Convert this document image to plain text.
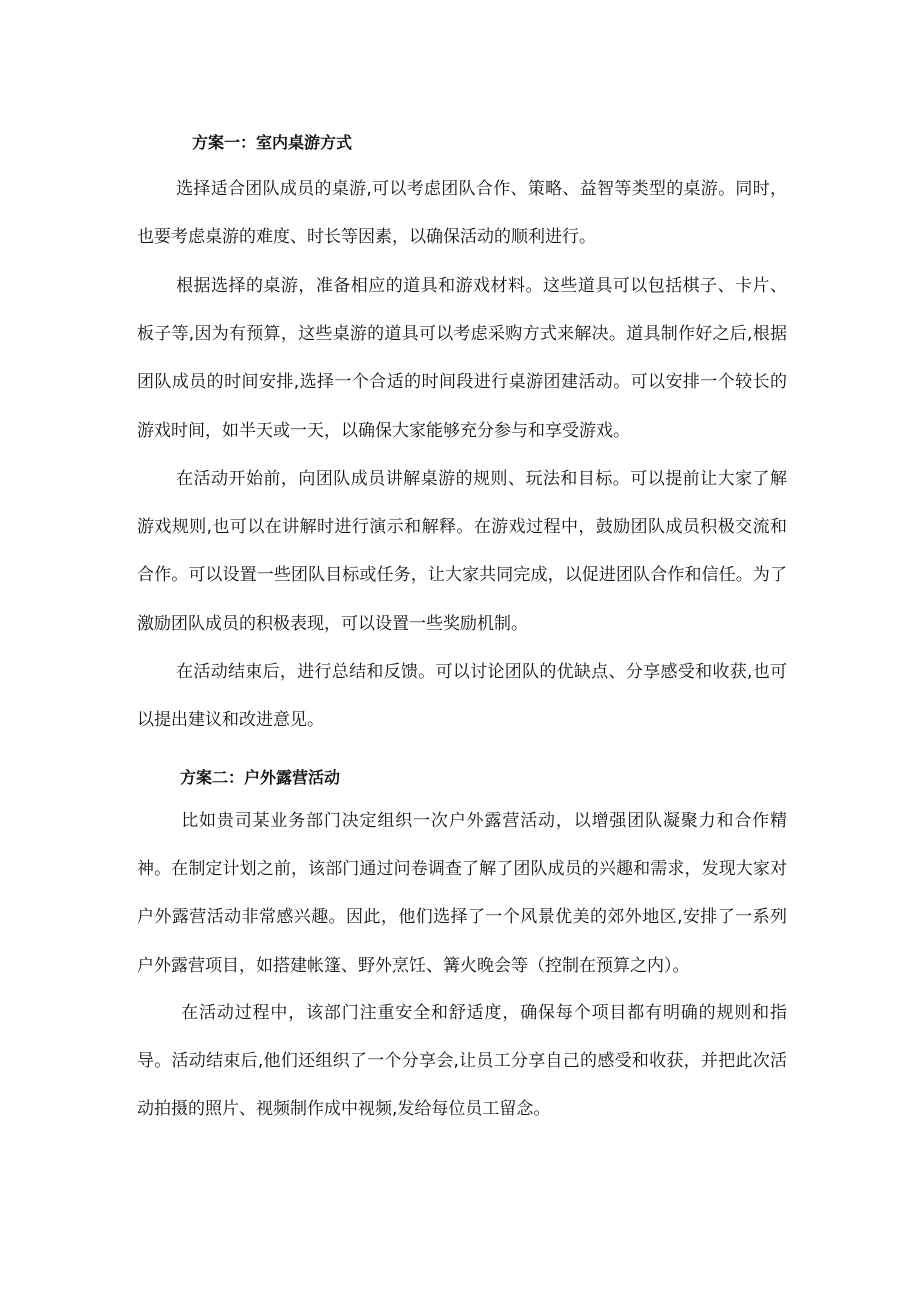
方案一：室内桌游方式

选择适合团队成员的桌游,可以考虑团队合作、策略、益智等类型的桌游。同时，也要考虑桌游的难度、时长等因素，以确保活动的顺利进行。

根据选择的桌游，准备相应的道具和游戏材料。这些道具可以包括棋子、卡片、板子等,因为有预算，这些桌游的道具可以考虑采购方式来解决。道具制作好之后,根据团队成员的时间安排,选择一个合适的时间段进行桌游团建活动。可以安排一个较长的游戏时间，如半天或一天，以确保大家能够充分参与和享受游戏。

在活动开始前，向团队成员讲解桌游的规则、玩法和目标。可以提前让大家了解游戏规则,也可以在讲解时进行演示和解释。在游戏过程中，鼓励团队成员积极交流和合作。可以设置一些团队目标或任务，让大家共同完成，以促进团队合作和信任。为了激励团队成员的积极表现，可以设置一些奖励机制。

在活动结束后，进行总结和反馈。可以讨论团队的优缺点、分享感受和收获,也可以提出建议和改进意见。

方案二：户外露营活动

比如贵司某业务部门决定组织一次户外露营活动，以增强团队凝聚力和合作精神。在制定计划之前，该部门通过问卷调查了解了团队成员的兴趣和需求，发现大家对户外露营活动非常感兴趣。因此，他们选择了一个风景优美的郊外地区,安排了一系列户外露营项目，如搭建帐篷、野外烹饪、篝火晚会等（控制在预算之内）。

在活动过程中，该部门注重安全和舒适度，确保每个项目都有明确的规则和指导。活动结束后,他们还组织了一个分享会,让员工分享自己的感受和收获，并把此次活动拍摄的照片、视频制作成中视频,发给每位员工留念。
